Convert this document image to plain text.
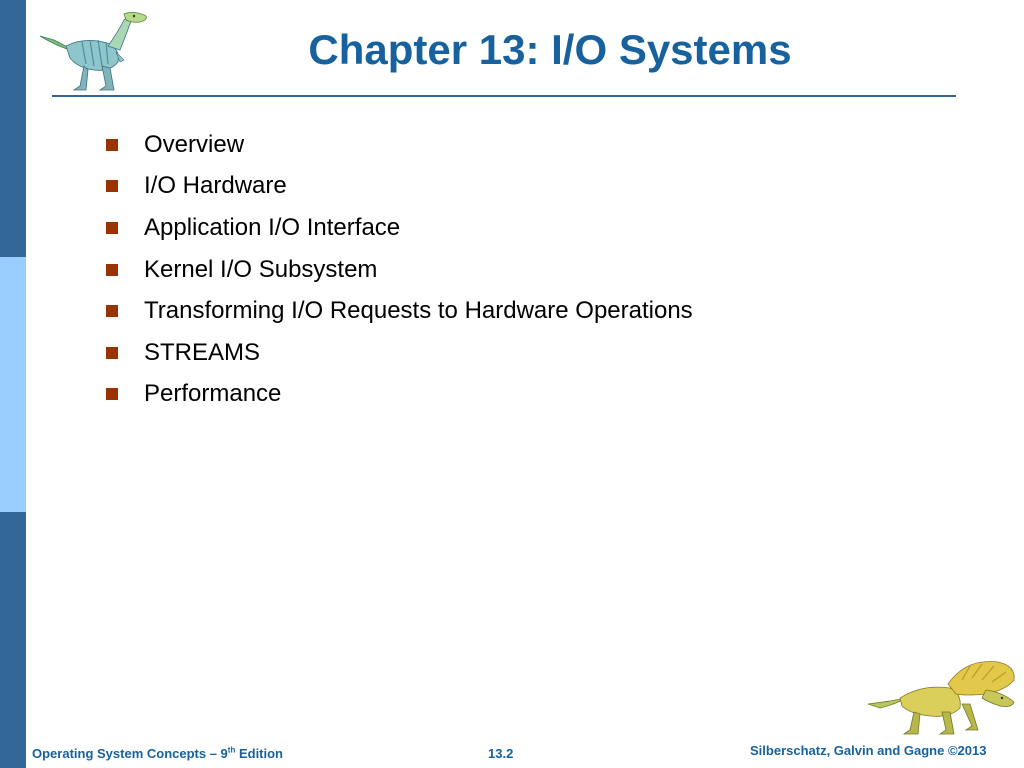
Chapter 13: I/O Systems
Overview
I/O Hardware
Application I/O Interface
Kernel I/O Subsystem
Transforming I/O Requests to Hardware Operations
STREAMS
Performance
Operating System Concepts – 9th Edition	13.2	Silberschatz, Galvin and Gagne ©2013
